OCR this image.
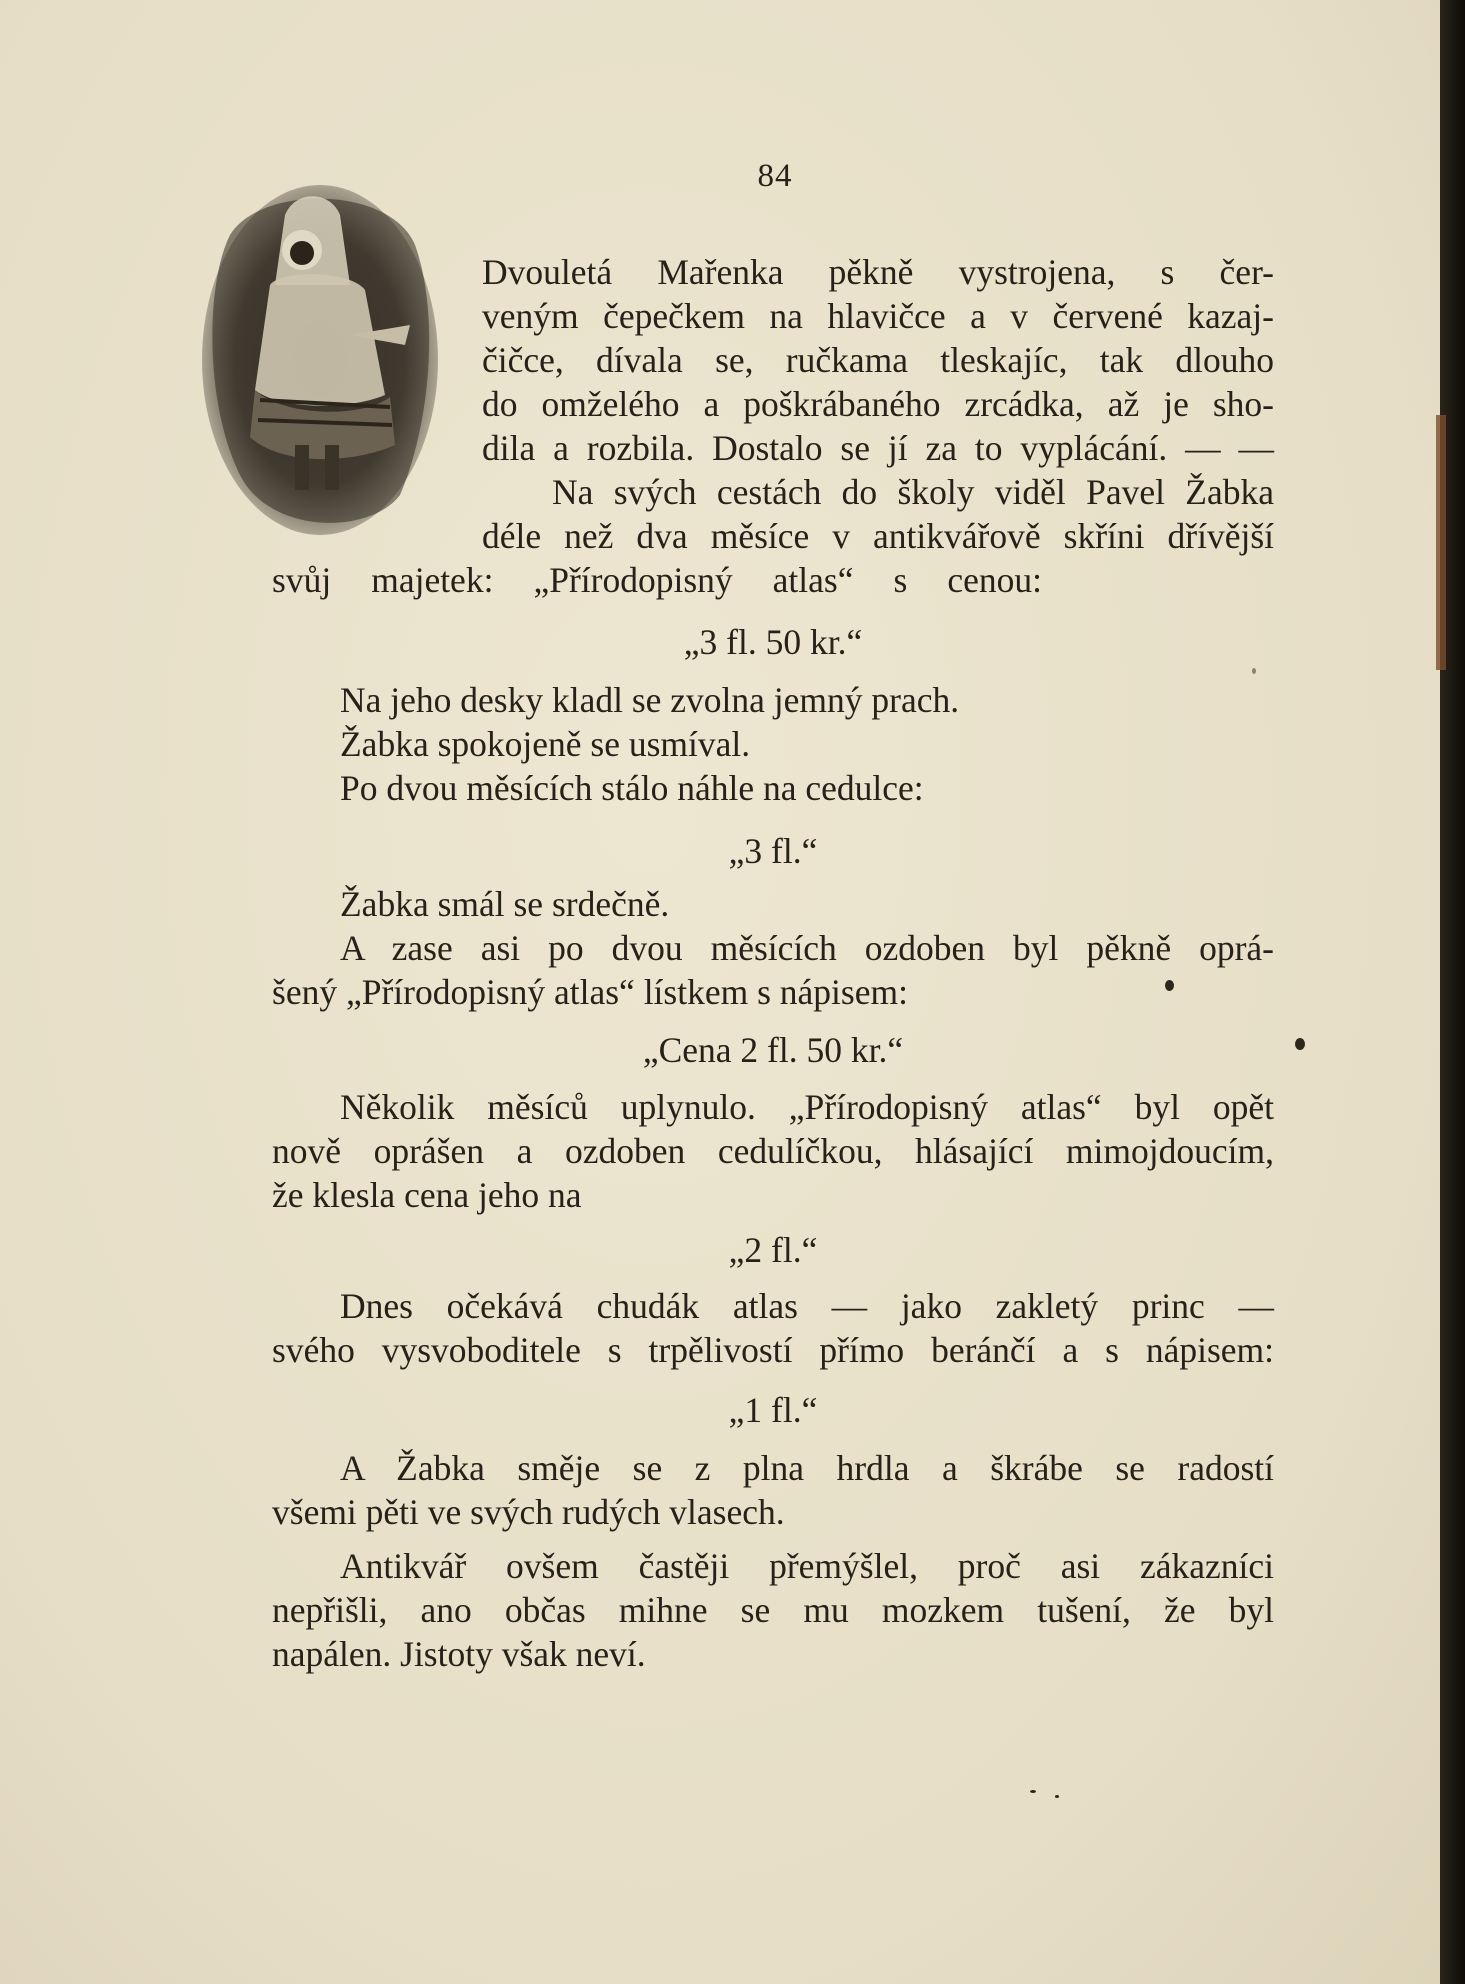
84
Dvouletá Mařenka pěkně vystrojena, s čer-
veným čepečkem na hlavičce a v červené kazaj-
čičce, dívala se, ručkama tleskajíc, tak dlouho
do omželého a poškrábaného zrcádka, až je sho-
dila a rozbila. Dostalo se jí za to vyplácání. — —
Na svých cestách do školy viděl Pavel Žabka
déle než dva měsíce v antikvářově skříni dřívější
svůj majetek: „Přírodopisný atlas“ s cenou:
„3 fl. 50 kr.“
Na jeho desky kladl se zvolna jemný prach.
Žabka spokojeně se usmíval.
Po dvou měsících stálo náhle na cedulce:
„3 fl.“
Žabka smál se srdečně.
A zase asi po dvou měsících ozdoben byl pěkně oprá-
šený „Přírodopisný atlas“ lístkem s nápisem:
„Cena 2 fl. 50 kr.“
Několik měsíců uplynulo. „Přírodopisný atlas“ byl opět
nově oprášen a ozdoben cedulíčkou, hlásající mimojdoucím,
že klesla cena jeho na
„2 fl.“
Dnes očekává chudák atlas — jako zakletý princ —
svého vysvoboditele s trpělivostí přímo beránčí a s nápisem:
„1 fl.“
A Žabka směje se z plna hrdla a škrábe se radostí
všemi pěti ve svých rudých vlasech.
Antikvář ovšem častěji přemýšlel, proč asi zákazníci
nepřišli, ano občas mihne se mu mozkem tušení, že byl
napálen. Jistoty však neví.
